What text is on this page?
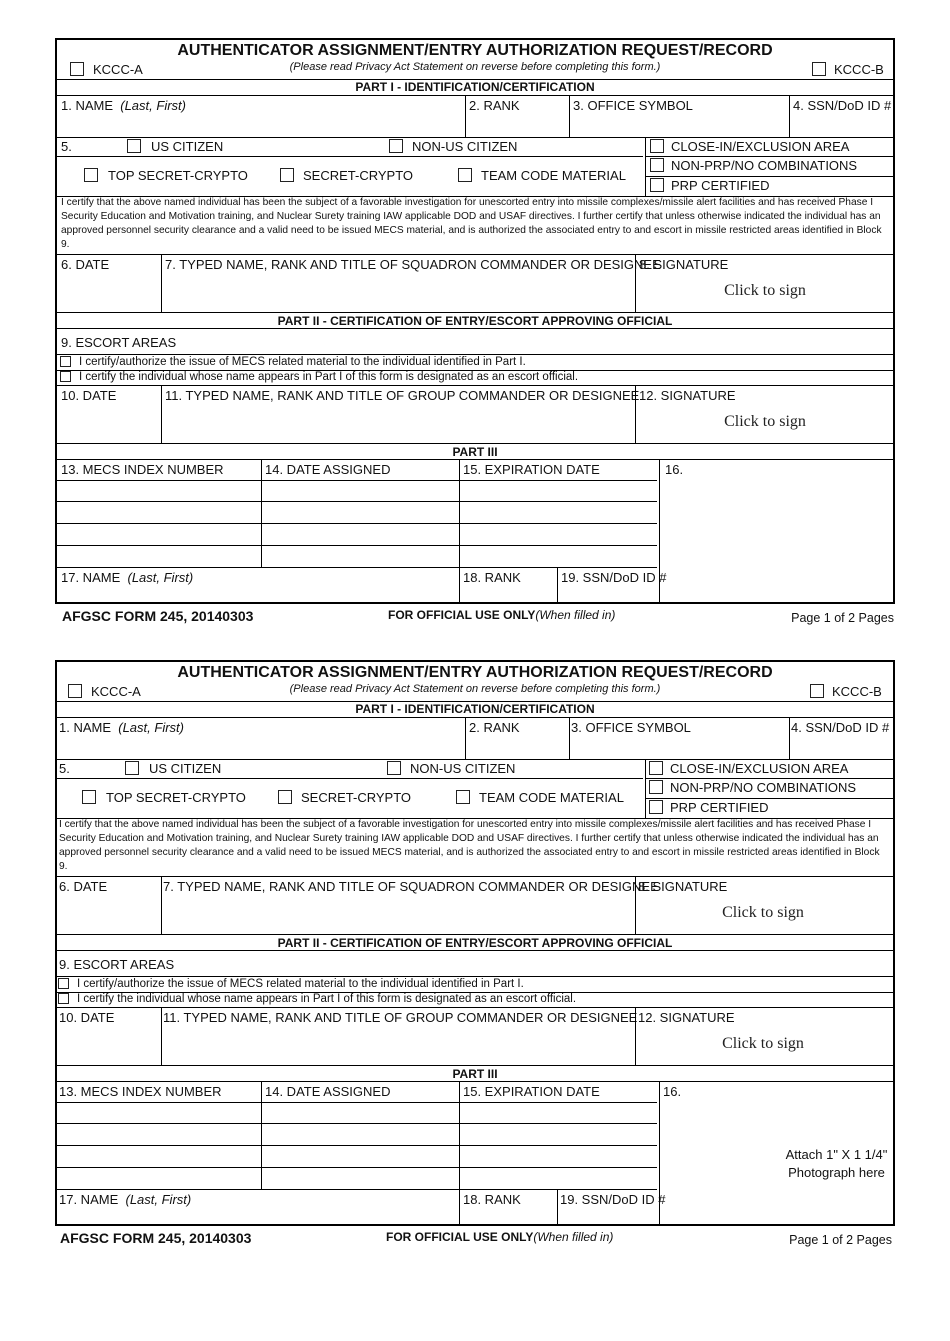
AUTHENTICATOR ASSIGNMENT/ENTRY AUTHORIZATION REQUEST/RECORD
(Please read Privacy Act Statement on reverse before completing this form.)
KCCC-A	KCCC-B
PART I - IDENTIFICATION/CERTIFICATION
1. NAME (Last, First)	2. RANK	3. OFFICE SYMBOL	4. SSN/DoD ID #
5.	US CITIZEN	NON-US CITIZEN	CLOSE-IN/EXCLUSION AREA
NON-PRP/NO COMBINATIONS
PRP CERTIFIED
TOP SECRET-CRYPTO	SECRET-CRYPTO	TEAM CODE MATERIAL
I certify that the above named individual has been the subject of a favorable investigation for unescorted entry into missile complexes/missile alert facilities and has received Phase I Security Education and Motivation training, and Nuclear Surety training IAW applicable DOD and USAF directives. I further certify that unless otherwise indicated the individual has an approved personnel security clearance and a valid need to be issued MECS material, and is authorized the associated entry to and escort in missile restricted areas identified in Block 9.
6. DATE	7. TYPED NAME, RANK AND TITLE OF SQUADRON COMMANDER OR DESIGNEE
8. SIGNATURE
Click to sign
PART II - CERTIFICATION OF ENTRY/ESCORT APPROVING OFFICIAL
9. ESCORT AREAS
I certify/authorize the issue of MECS related material to the individual identified in Part I.
I certify the individual whose name appears in Part I of this form is designated as an escort official.
10. DATE	11. TYPED NAME, RANK AND TITLE OF GROUP COMMANDER OR DESIGNEE 12. SIGNATURE
Click to sign
PART III
13. MECS INDEX NUMBER	14. DATE ASSIGNED	15. EXPIRATION DATE	16.
17. NAME (Last, First)	18. RANK	19. SSN/DoD ID #
AFGSC FORM 245, 20140303	FOR OFFICIAL USE ONLY(When filled in)	Page 1 of 2 Pages
AUTHENTICATOR ASSIGNMENT/ENTRY AUTHORIZATION REQUEST/RECORD
(Please read Privacy Act Statement on reverse before completing this form.)
KCCC-A	KCCC-B
PART I - IDENTIFICATION/CERTIFICATION
1. NAME (Last, First)	2. RANK	3. OFFICE SYMBOL	4. SSN/DoD ID #
5.	US CITIZEN	NON-US CITIZEN	CLOSE-IN/EXCLUSION AREA
NON-PRP/NO COMBINATIONS
PRP CERTIFIED
TOP SECRET-CRYPTO	SECRET-CRYPTO	TEAM CODE MATERIAL
I certify that the above named individual has been the subject of a favorable investigation for unescorted entry into missile complexes/missile alert facilities and has received Phase I Security Education and Motivation training, and Nuclear Surety training IAW applicable DOD and USAF directives. I further certify that unless otherwise indicated the individual has an approved personnel security clearance and a valid need to be issued MECS material, and is authorized the associated entry to and escort in missile restricted areas identified in Block 9.
6. DATE	7. TYPED NAME, RANK AND TITLE OF SQUADRON COMMANDER OR DESIGNEE
8. SIGNATURE
Click to sign
PART II - CERTIFICATION OF ENTRY/ESCORT APPROVING OFFICIAL
9. ESCORT AREAS
I certify/authorize the issue of MECS related material to the individual identified in Part I.
I certify the individual whose name appears in Part I of this form is designated as an escort official.
10. DATE	11. TYPED NAME, RANK AND TITLE OF GROUP COMMANDER OR DESIGNEE 12. SIGNATURE
Click to sign
PART III
13. MECS INDEX NUMBER	14. DATE ASSIGNED	15. EXPIRATION DATE	16.
Attach 1" X 1 1/4"
Photograph here
17. NAME (Last, First)	18. RANK	19. SSN/DoD ID #
AFGSC FORM 245, 20140303	FOR OFFICIAL USE ONLY(When filled in)	Page 1 of 2 Pages
